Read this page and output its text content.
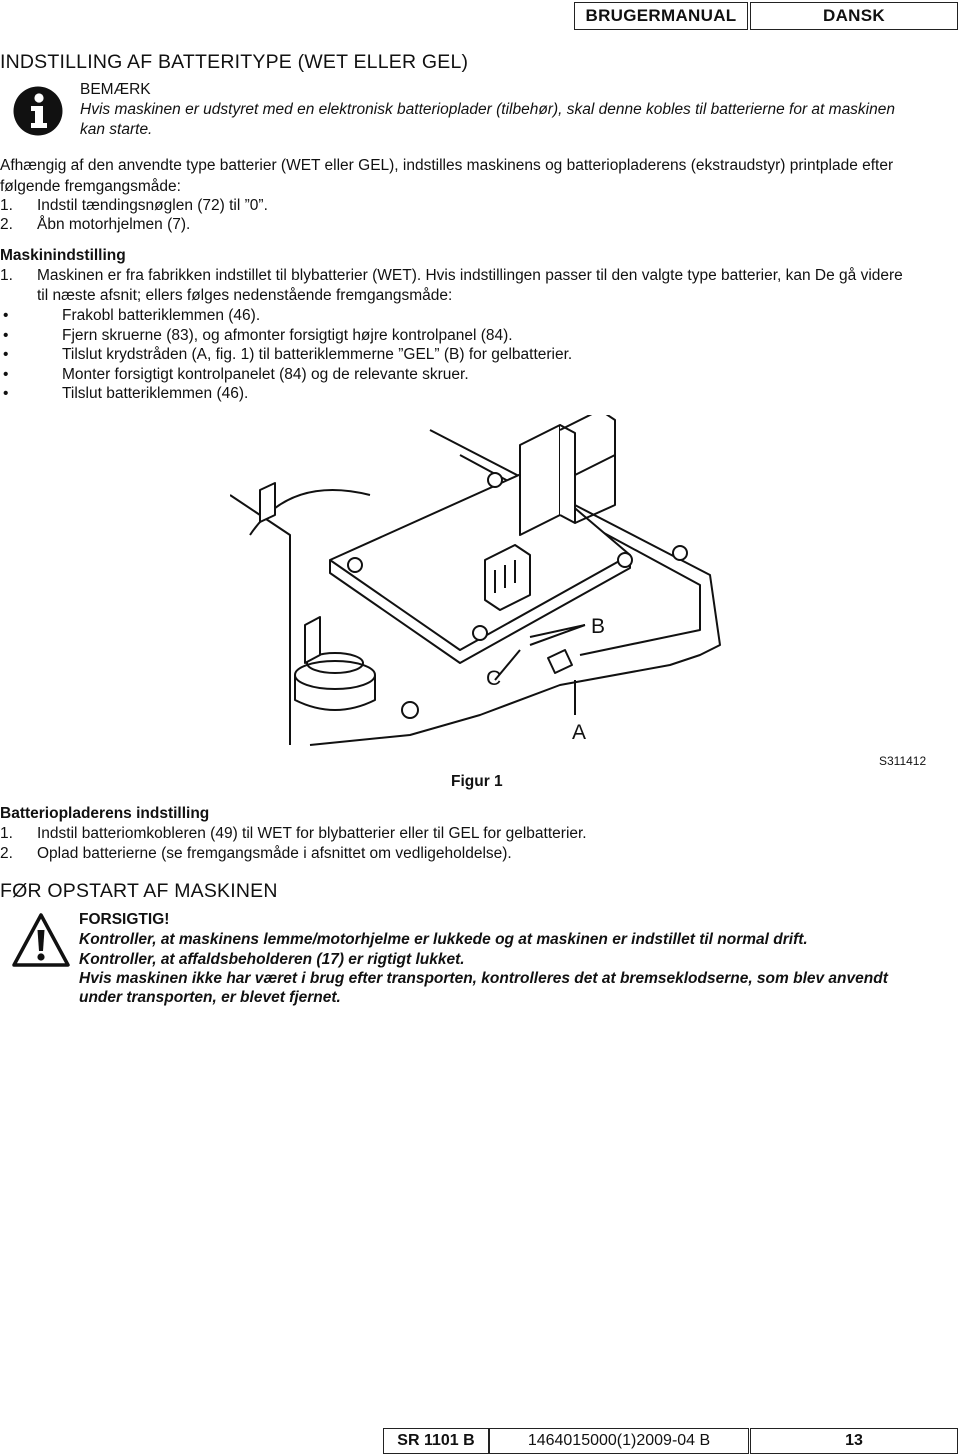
BRUGERMANUAL	DANSK
INDSTILLING AF BATTERITYPE (WET ELLER GEL)
BEMÆRK
Hvis maskinen er udstyret med en elektronisk batterioplader (tilbehør), skal denne kobles til batterierne for at maskinen
kan starte.
Afhængig af den anvendte type batterier (WET eller GEL), indstilles maskinens og batteriopladerens (ekstraudstyr) printplade efter
følgende fremgangsmåde:
1. Indstil tændingsnøglen (72) til ”0”.
2. Åbn motorhjelmen (7).
Maskinindstilling
1. Maskinen er fra fabrikken indstillet til blybatterier (WET). Hvis indstillingen passer til den valgte type batterier, kan De gå videre
til næste afsnit; ellers følges nedenstående fremgangsmåde:
•	Frakobl batteriklemmen (46).
•	Fjern skruerne (83), og afmonter forsigtigt højre kontrolpanel (84).
•	Tilslut krydstråden (A, fig. 1) til batteriklemmerne ”GEL” (B) for gelbatterier.
•	Monter forsigtigt kontrolpanelet (84) og de relevante skruer.
•	Tilslut batteriklemmen (46).
B
C
A
Figur 1
S311412
Batteriopladerens indstilling
1. Indstil batteriomkobleren (49) til WET for blybatterier eller til GEL for gelbatterier.
2. Oplad batterierne (se fremgangsmåde i afsnittet om vedligeholdelse).
FØR OPSTART AF MASKINEN
FORSIGTIG!
Kontroller, at maskinens lemme/motorhjelme er lukkede og at maskinen er indstillet til normal drift.
Kontroller, at affaldsbeholderen (17) er rigtigt lukket.
Hvis maskinen ikke har været i brug efter transporten, kontrolleres det at bremseklodserne, som blev anvendt
under transporten, er blevet fjernet.
SR 1101 B	1464015000(1)2009-04 B	13
